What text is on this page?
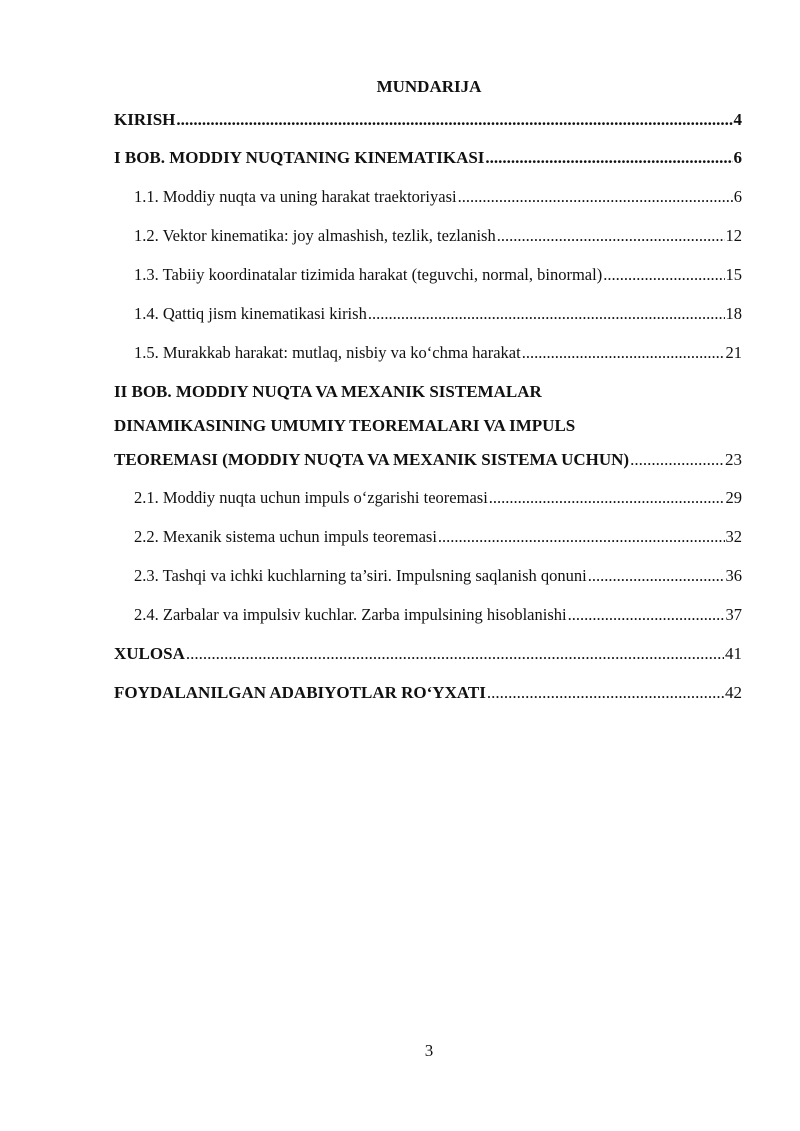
MUNDARIJA
KIRISH .....	4
I BOB. MODDIY NUQTANING KINEMATIKASI .....	6
1.1. Moddiy nuqta va uning harakat traektoriyasi .....	6
1.2. Vektor kinematika: joy almashish, tezlik, tezlanish .....	12
1.3. Tabiiy koordinatalar tizimida harakat (teguvchi, normal, binormal) .....	15
1.4. Qattiq jism kinematikasi kirish .....	18
1.5. Murakkab harakat: mutlaq, nisbiy va ko‘chma harakat .....	21
II BOB. MODDIY NUQTA VA MEXANIK SISTEMALAR
DINAMIKASINING UMUMIY TEOREMALARI VA IMPULS
TEOREMASI (MODDIY NUQTA VA MEXANIK SISTEMA UCHUN) .....	23
2.1. Moddiy nuqta uchun impuls o‘zgarishi teoremasi .....	29
2.2. Mexanik sistema uchun impuls teoremasi .....	32
2.3. Tashqi va ichki kuchlarning ta’siri. Impulsning saqlanish qonuni .....	36
2.4. Zarbalar va impulsiv kuchlar. Zarba impulsining hisoblanishi .....	37
XULOSA .....	41
FOYDALANILGAN ADABIYOTLAR RO‘YXATI .....	42
3
